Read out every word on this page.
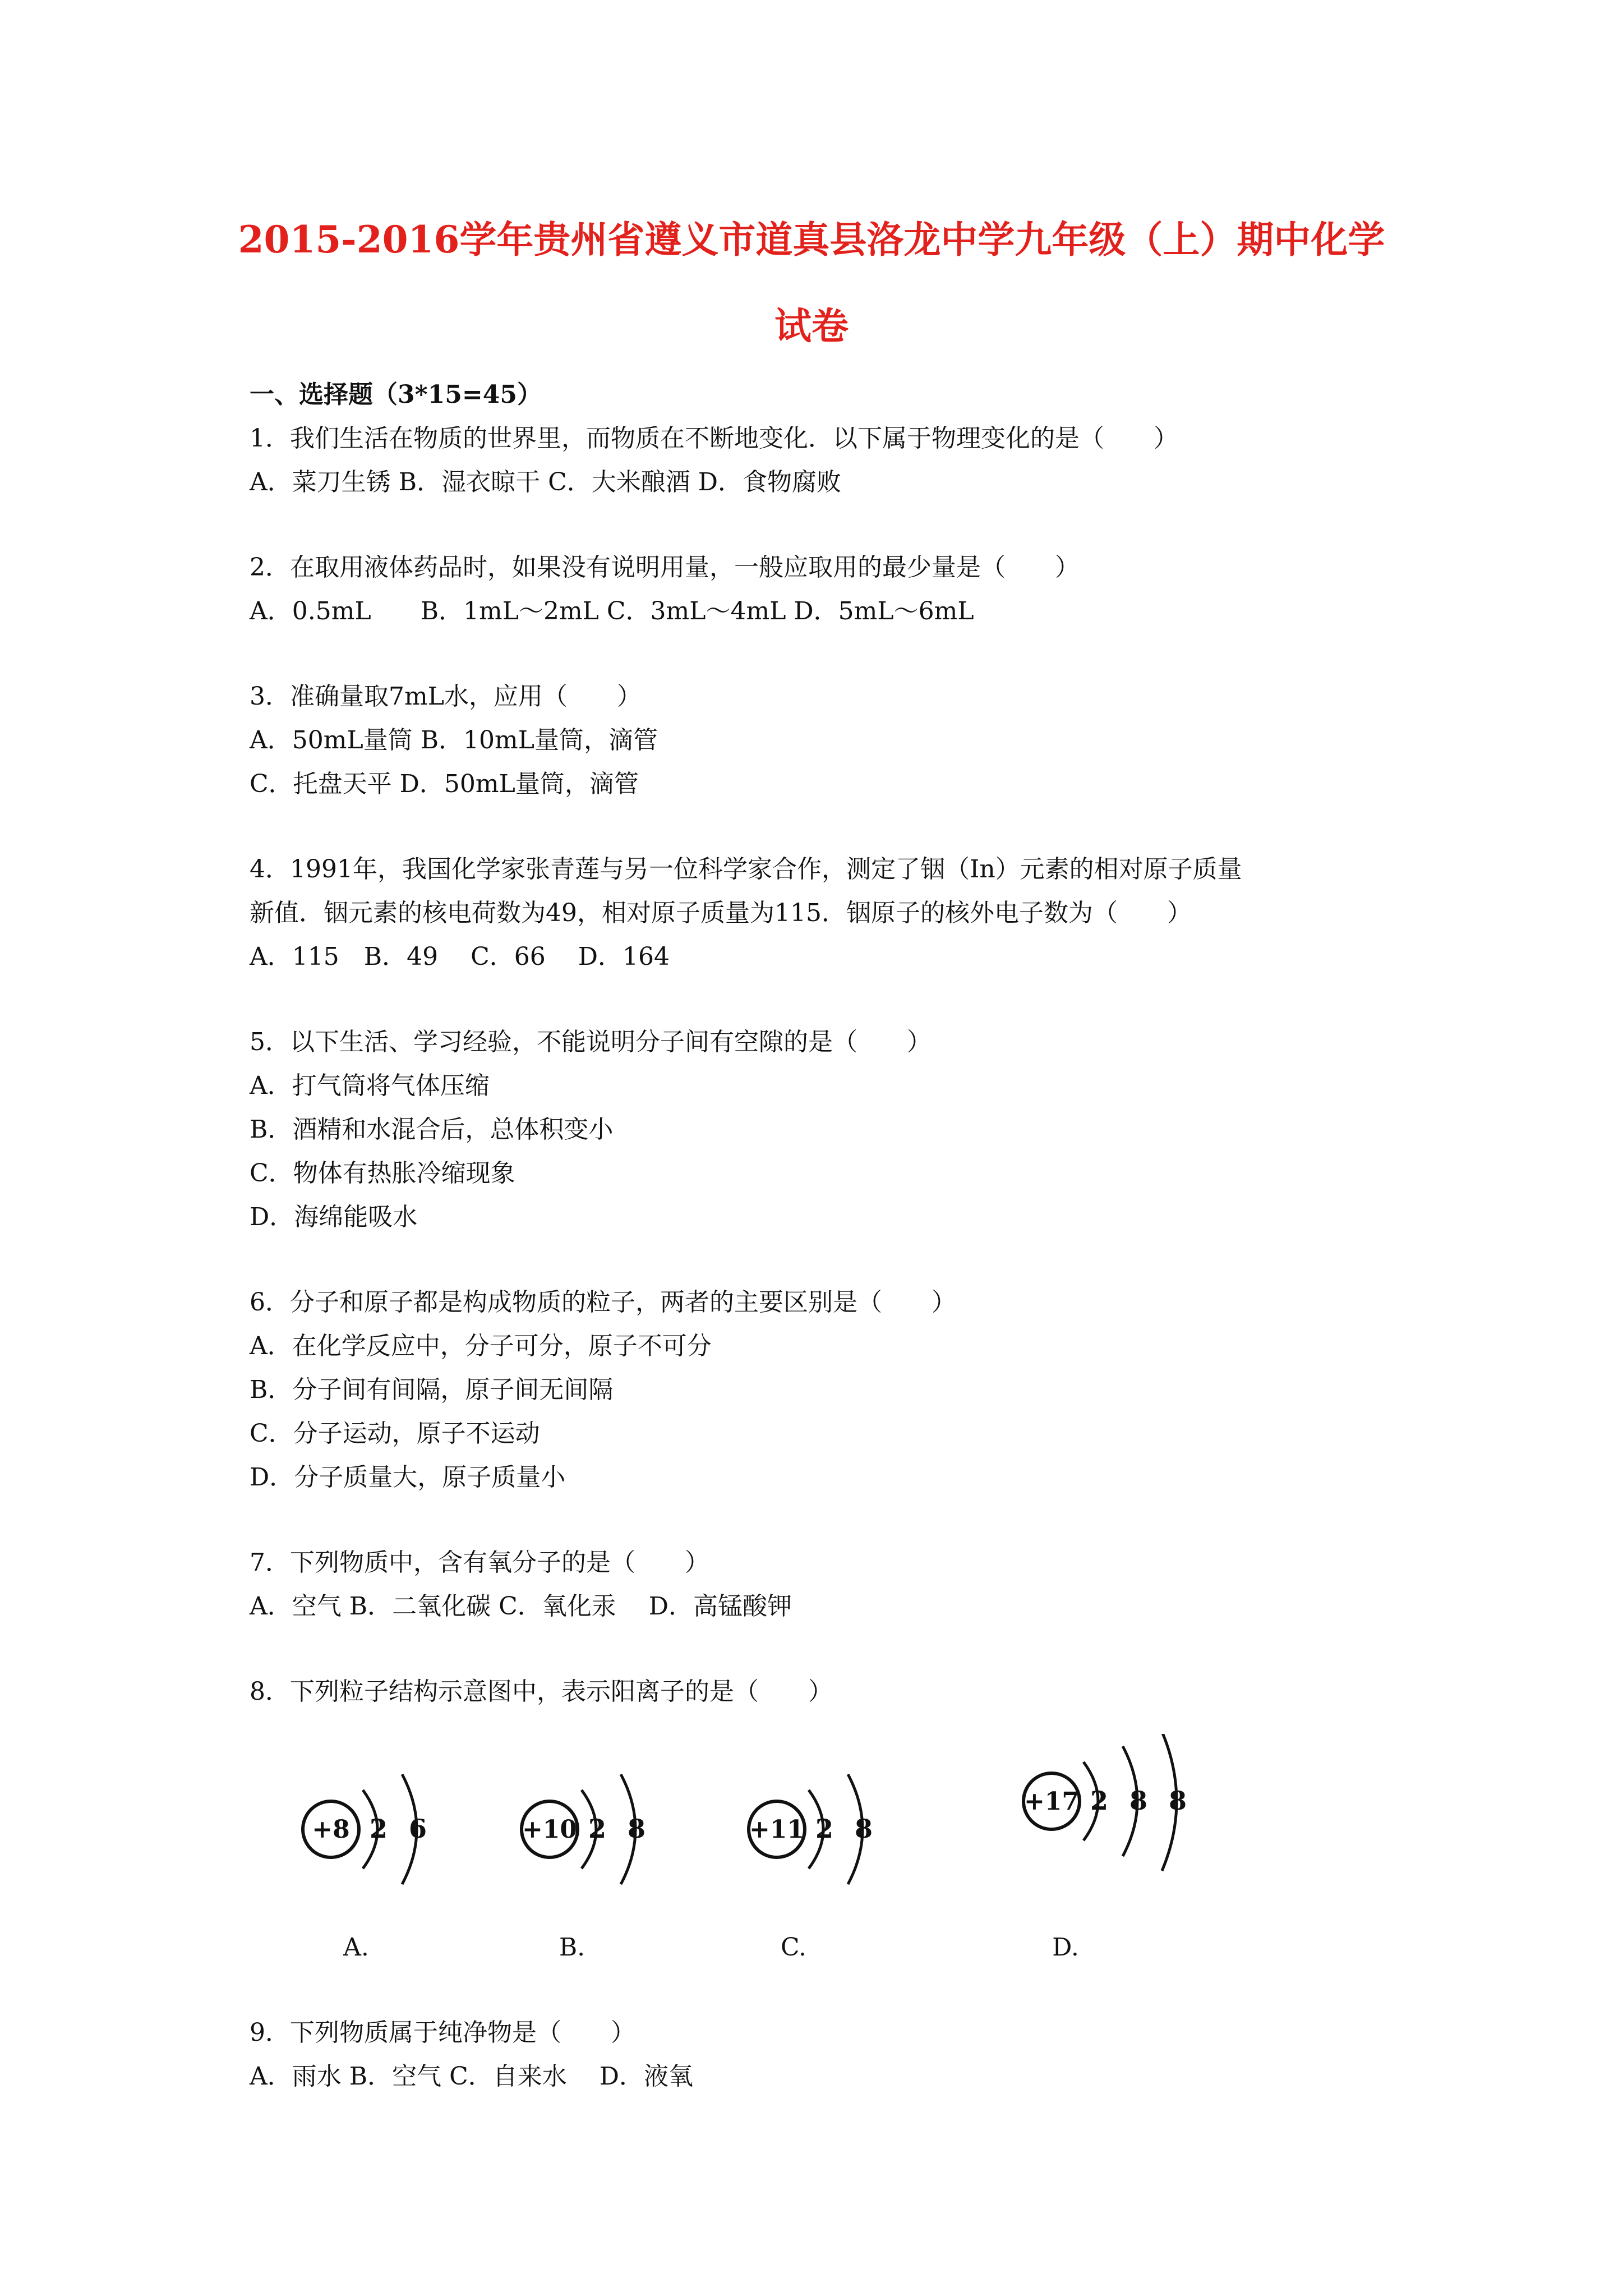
2015-2016学年贵州省遵义市道真县洛龙中学九年级（上）期中化学
试卷

一、选择题（3*15=45）

1．我们生活在物质的世界里，而物质在不断地变化．以下属于物理变化的是（　　）

A．菜刀生锈 B．湿衣晾干 C．大米酿酒 D．食物腐败

2．在取用液体药品时，如果没有说明用量，一般应取用的最少量是（　　）

A．0.5mL　　B．1mL～2mL C．3mL～4mL D．5mL～6mL

3．准确量取7mL水，应用（　　）

A．50mL量筒 B．10mL量筒，滴管

C．托盘天平 D．50mL量筒，滴管

4．1991年，我国化学家张青莲与另一位科学家合作，测定了铟（In）元素的相对原子质量

新值．铟元素的核电荷数为49，相对原子质量为115．铟原子的核外电子数为（　　）

A．115　B．49　 C．66　 D．164

5．以下生活、学习经验，不能说明分子间有空隙的是（　　）

A．打气筒将气体压缩

B．酒精和水混合后，总体积变小

C．物体有热胀冷缩现象

D．海绵能吸水

6．分子和原子都是构成物质的粒子，两者的主要区别是（　　）

A．在化学反应中，分子可分，原子不可分

B．分子间有间隔，原子间无间隔

C．分子运动，原子不运动

D．分子质量大，原子质量小

7．下列物质中，含有氧分子的是（　　）

A．空气 B．二氧化碳 C．氧化汞　 D．高锰酸钾

8．下列粒子结构示意图中，表示阳离子的是（　　）

+8 2 6
A.
+10 2 8
B.
+11 2 8
C.
+17 2 8 8
D.

9．下列物质属于纯净物是（　　）

A．雨水 B．空气 C．自来水　 D．液氧
